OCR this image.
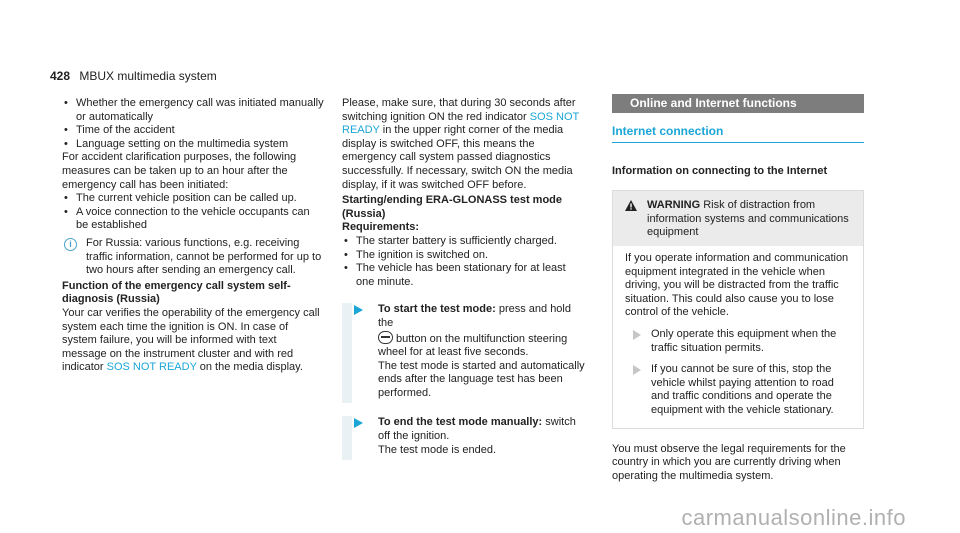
428 MBUX multimedia system
• Whether the emergency call was initiated manually or automatically
• Time of the accident
• Language setting on the multimedia system

For accident clarification purposes, the following measures can be taken up to an hour after the emergency call has been initiated:

• The current vehicle position can be called up.
• A voice connection to the vehicle occupants can be established
i	For Russia: various functions, e.g. receiving traffic information, cannot be performed for up to two hours after sending an emergency call.
Function of the emergency call system self-diagnosis (Russia)

Your car verifies the operability of the emergency call system each time the ignition is ON. In case of system failure, you will be informed with text message on the instrument cluster and with red indicator SOS NOT READY on the media display.

Please, make sure, that during 30 seconds after switching ignition ON the red indicator SOS NOT READY in the upper right corner of the media display is switched OFF, this means the emergency call system passed diagnostics successfully. If necessary, switch ON the media display, if it was switched OFF before.

Starting/ending ERA-GLONASS test mode (Russia)
Requirements:
• The starter battery is sufficiently charged.
• The ignition is switched on.
• The vehicle has been stationary for at least one minute.
To start the test mode: press and hold the
button on the multifunction steering wheel for at least five seconds.
The test mode is started and automatically ends after the language test has been performed.
To end the test mode manually: switch off the ignition.
The test mode is ended.
Online and Internet functions
Internet connection
Information on connecting to the Internet
WARNING Risk of distraction from information systems and communications equipment
If you operate information and communication equipment integrated in the vehicle when driving, you will be distracted from the traffic situation. This could also cause you to lose control of the vehicle.
Only operate this equipment when the traffic situation permits.
If you cannot be sure of this, stop the vehicle whilst paying attention to road and traffic conditions and operate the equipment with the vehicle stationary.

You must observe the legal requirements for the country in which you are currently driving when operating the multimedia system.

carmanualsonline.info
